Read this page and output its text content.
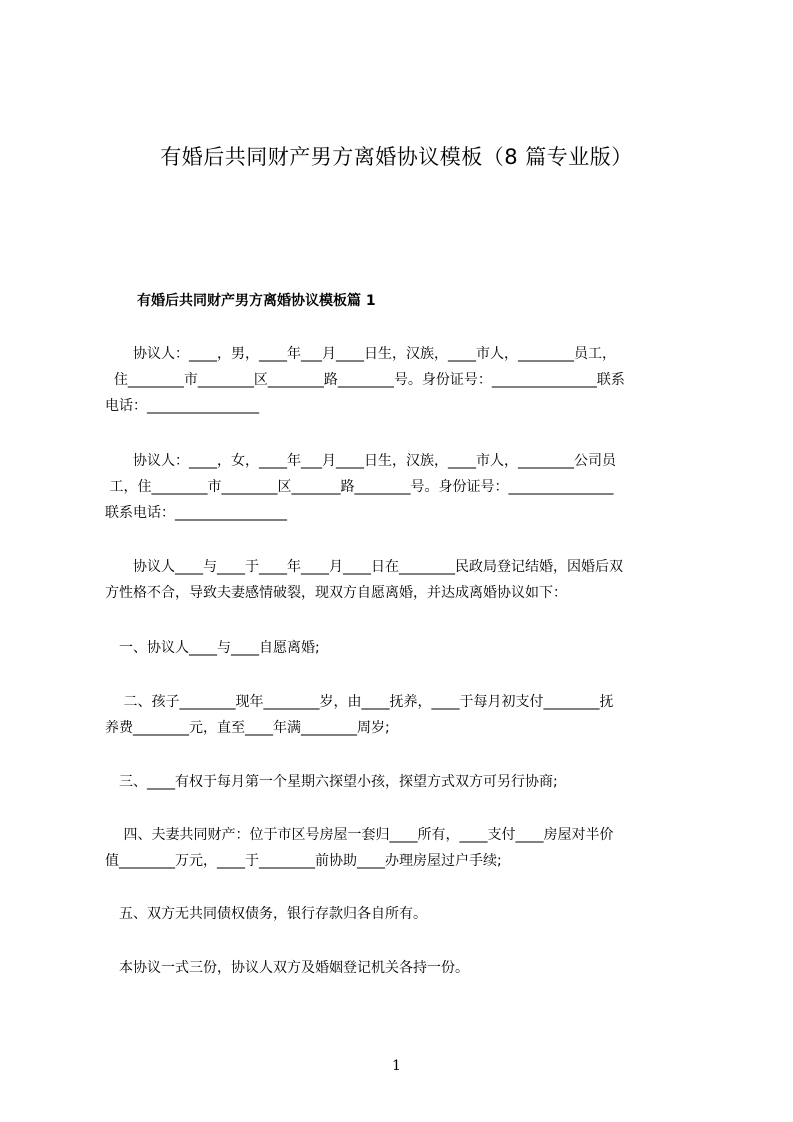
有婚后共同财产男方离婚协议模板（8 篇专业版）
有婚后共同财产男方离婚协议模板篇 1
　　协议人：____，男，____年___月____日生，汉族，____市人，________员工，
住________市________区________路________号。身份证号：_______________联系
电话：________________
　　协议人：____，女，____年___月____日生，汉族，____市人，________公司员
工，住________市________区_______路________号。身份证号：_______________
联系电话：________________
　　协议人____与____于____年____月____日在________民政局登记结婚，因婚后双
方性格不合，导致夫妻感情破裂，现双方自愿离婚，并达成离婚协议如下：
　一、协议人____与____自愿离婚;
　 二、孩子________现年________岁，由____抚养，____于每月初支付________抚
养费________元，直至____年满________周岁;
　三、____有权于每月第一个星期六探望小孩，探望方式双方可另行协商;
　 四、夫妻共同财产：位于市区号房屋一套归____所有，____支付____房屋对半价
值________万元，____于________前协助____办理房屋过户手续;
　五、双方无共同债权债务，银行存款归各自所有。
　本协议一式三份，协议人双方及婚姻登记机关各持一份。
1
